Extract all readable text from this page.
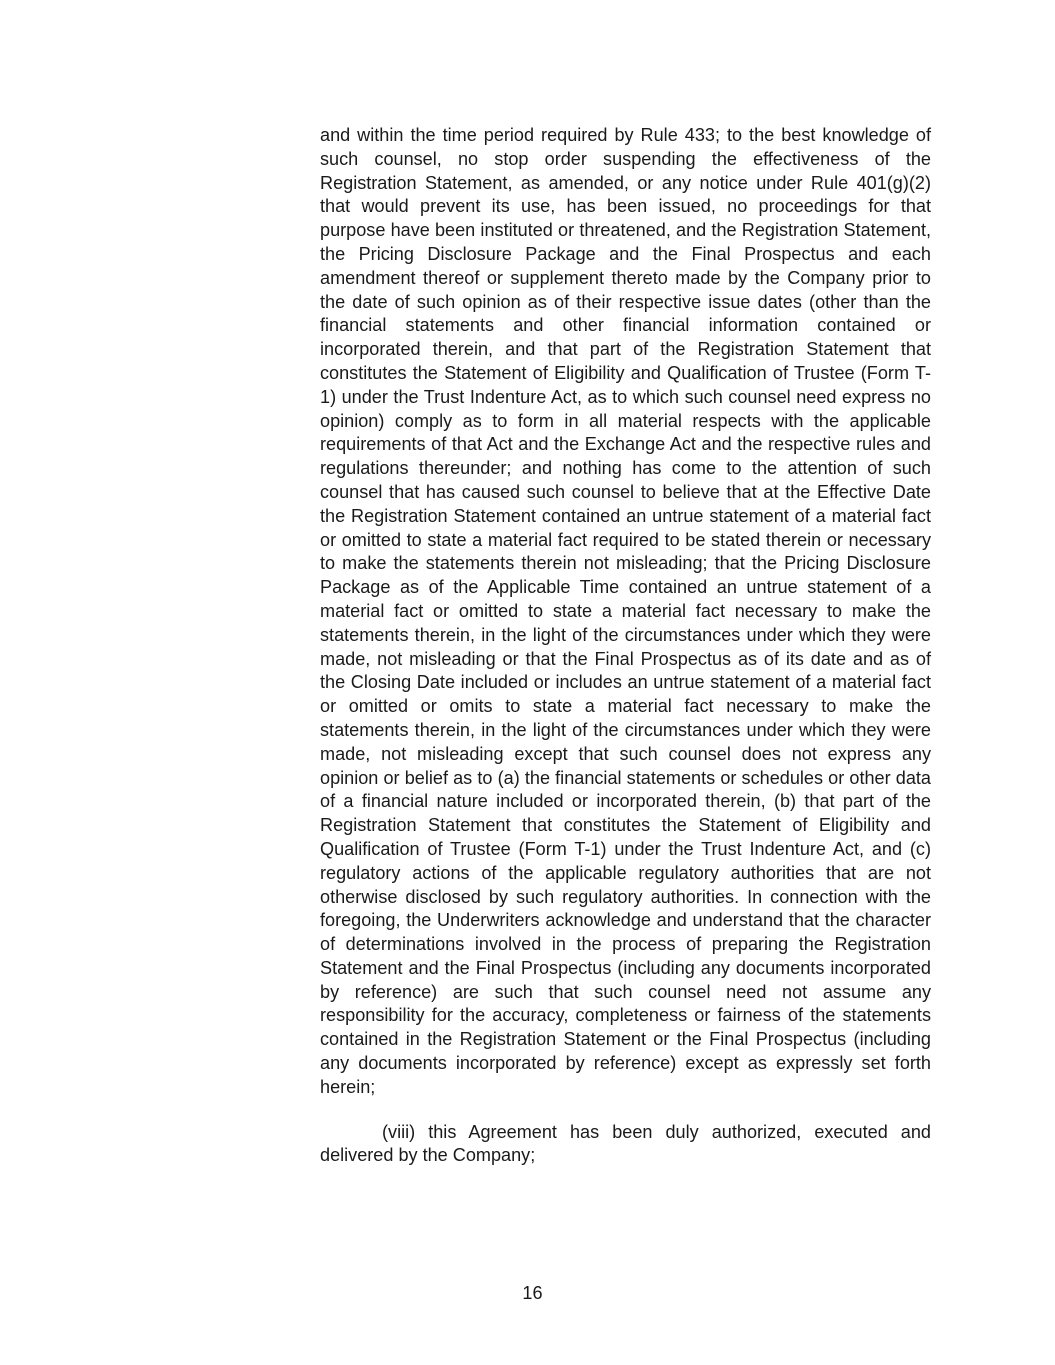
and within the time period required by Rule 433; to the best knowledge of such counsel, no stop order suspending the effectiveness of the Registration Statement, as amended, or any notice under Rule 401(g)(2) that would prevent its use, has been issued, no proceedings for that purpose have been instituted or threatened, and the Registration Statement, the Pricing Disclosure Package and the Final Prospectus and each amendment thereof or supplement thereto made by the Company prior to the date of such opinion as of their respective issue dates (other than the financial statements and other financial information contained or incorporated therein, and that part of the Registration Statement that constitutes the Statement of Eligibility and Qualification of Trustee (Form T-1) under the Trust Indenture Act, as to which such counsel need express no opinion) comply as to form in all material respects with the applicable requirements of that Act and the Exchange Act and the respective rules and regulations thereunder; and nothing has come to the attention of such counsel that has caused such counsel to believe that at the Effective Date the Registration Statement contained an untrue statement of a material fact or omitted to state a material fact required to be stated therein or necessary to make the statements therein not misleading; that the Pricing Disclosure Package as of the Applicable Time contained an untrue statement of a material fact or omitted to state a material fact necessary to make the statements therein, in the light of the circumstances under which they were made, not misleading or that the Final Prospectus as of its date and as of the Closing Date included or includes an untrue statement of a material fact or omitted or omits to state a material fact necessary to make the statements therein, in the light of the circumstances under which they were made, not misleading except that such counsel does not express any opinion or belief as to (a) the financial statements or schedules or other data of a financial nature included or incorporated therein, (b) that part of the Registration Statement that constitutes the Statement of Eligibility and Qualification of Trustee (Form T-1) under the Trust Indenture Act, and (c) regulatory actions of the applicable regulatory authorities that are not otherwise disclosed by such regulatory authorities. In connection with the foregoing, the Underwriters acknowledge and understand that the character of determinations involved in the process of preparing the Registration Statement and the Final Prospectus (including any documents incorporated by reference) are such that such counsel need not assume any responsibility for the accuracy, completeness or fairness of the statements contained in the Registration Statement or the Final Prospectus (including any documents incorporated by reference) except as expressly set forth herein;

(viii) this Agreement has been duly authorized, executed and delivered by the Company;

16
